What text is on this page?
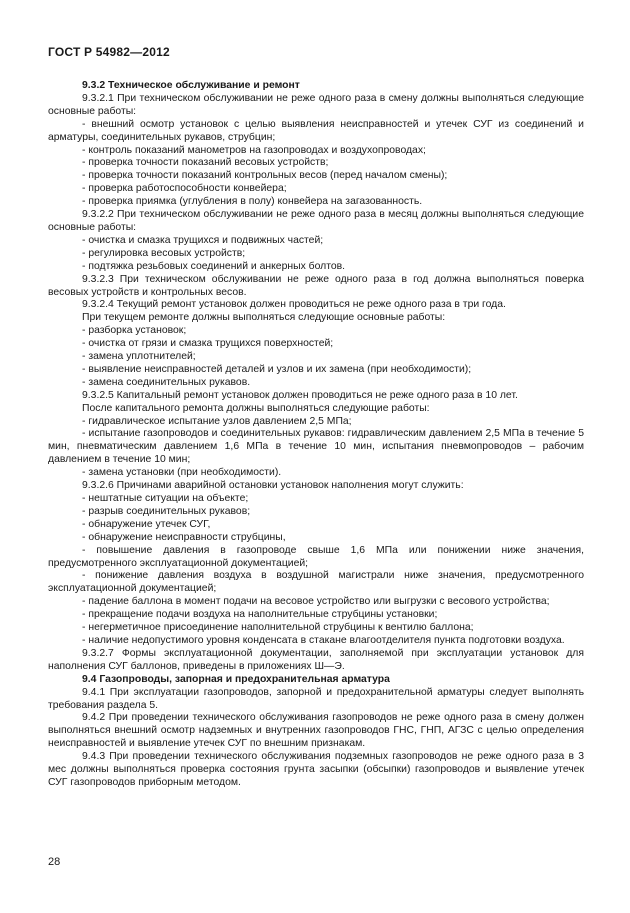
ГОСТ Р 54982—2012

9.3.2 Техническое обслуживание и ремонт

9.3.2.1 При техническом обслуживании не реже одного раза в смену должны выполняться следующие основные работы:

- внешний осмотр установок с целью выявления неисправностей и утечек СУГ из соединений и арматуры, соединительных рукавов, струбцин;

- контроль показаний манометров на газопроводах и воздухопроводах;

- проверка точности показаний весовых устройств;

- проверка точности показаний контрольных весов (перед началом смены);

- проверка работоспособности конвейера;

- проверка приямка (углубления в полу) конвейера на загазованность.

9.3.2.2 При техническом обслуживании не реже одного раза в месяц должны выполняться следующие основные работы:

- очистка и смазка трущихся и подвижных частей;

- регулировка весовых устройств;

- подтяжка резьбовых соединений и анкерных болтов.

9.3.2.3 При техническом обслуживании не реже одного раза в год должна выполняться поверка весовых устройств и контрольных весов.

9.3.2.4 Текущий ремонт установок должен проводиться не реже одного раза в три года.

При текущем ремонте должны выполняться следующие основные работы:

- разборка установок;

- очистка от грязи и смазка трущихся поверхностей;

- замена уплотнителей;

- выявление неисправностей деталей и узлов и их замена (при необходимости);

- замена соединительных рукавов.

9.3.2.5 Капитальный ремонт установок должен проводиться не реже одного раза в 10 лет.

После капитального ремонта должны выполняться следующие работы:

- гидравлическое испытание узлов давлением 2,5 МПа;

- испытание газопроводов и соединительных рукавов: гидравлическим давлением 2,5 МПа в течение 5 мин, пневматическим давлением 1,6 МПа в течение 10 мин, испытания пневмопроводов – рабочим давлением в течение 10 мин;

- замена установки (при необходимости).

9.3.2.6 Причинами аварийной остановки установок наполнения могут служить:

- нештатные ситуации на объекте;

- разрыв соединительных рукавов;

- обнаружение утечек СУГ,

- обнаружение неисправности струбцины,

- повышение давления в газопроводе свыше 1,6 МПа или понижении ниже значения, предусмотренного эксплуатационной документацией;

- понижение давления воздуха в воздушной магистрали ниже значения, предусмотренного эксплуатационной документацией;

- падение баллона в момент подачи на весовое устройство или выгрузки с весового устройства;

- прекращение подачи воздуха на наполнительные струбцины установки;

- негерметичное присоединение наполнительной струбцины к вентилю баллона;

- наличие недопустимого уровня конденсата в стакане влагоотделителя пункта подготовки воздуха.

9.3.2.7 Формы эксплуатационной документации, заполняемой при эксплуатации установок для наполнения СУГ баллонов, приведены в приложениях Ш—Э.

9.4 Газопроводы, запорная и предохранительная арматура

9.4.1 При эксплуатации газопроводов, запорной и предохранительной арматуры следует выполнять требования раздела 5.

9.4.2 При проведении технического обслуживания газопроводов не реже одного раза в смену должен выполняться внешний осмотр надземных и внутренних газопроводов ГНС, ГНП, АГЗС с целью определения неисправностей и выявление утечек СУГ по внешним признакам.

9.4.3 При проведении технического обслуживания подземных газопроводов не реже одного раза в 3 мес должны выполняться проверка состояния грунта засыпки (обсыпки) газопроводов и выявление утечек СУГ газопроводов приборным методом.

28
